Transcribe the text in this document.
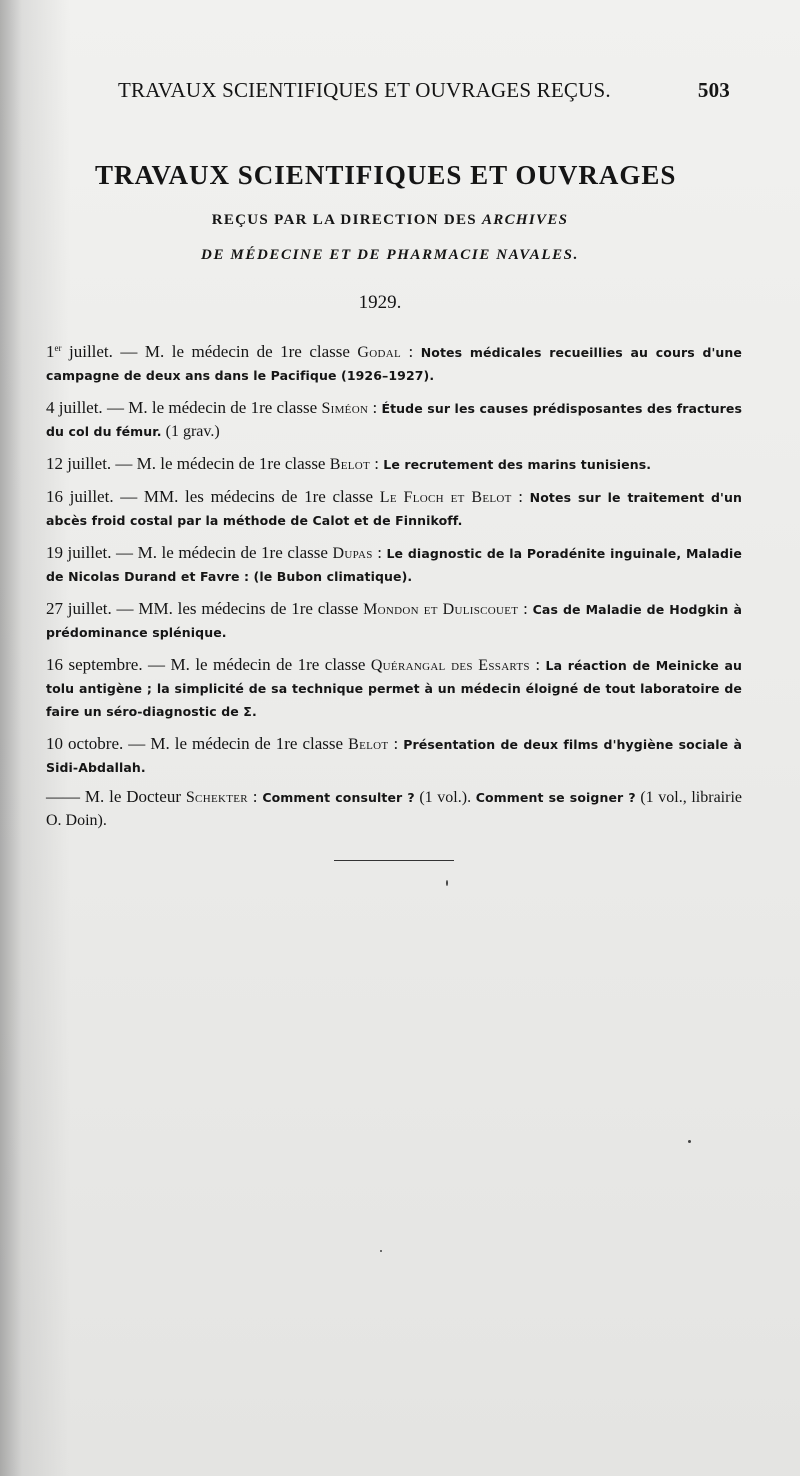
TRAVAUX SCIENTIFIQUES ET OUVRAGES REÇUS.	503
TRAVAUX SCIENTIFIQUES ET OUVRAGES
REÇUS PAR LA DIRECTION DES ARCHIVES
DE MÉDECINE ET DE PHARMACIE NAVALES.
1929.

1er juillet. — M. le médecin de 1re classe Godal : Notes médicales recueillies au cours d'une campagne de deux ans dans le Pacifique (1926–1927).

4 juillet. — M. le médecin de 1re classe Siméon : Étude sur les causes prédisposantes des fractures du col du fémur. (1 grav.)

12 juillet. — M. le médecin de 1re classe Belot : Le recrutement des marins tunisiens.

16 juillet. — MM. les médecins de 1re classe Le Floch et Belot : Notes sur le traitement d'un abcès froid costal par la méthode de Calot et de Finnikoff.

19 juillet. — M. le médecin de 1re classe Dupas : Le diagnostic de la Poradénite inguinale, Maladie de Nicolas Durand et Favre : (le Bubon climatique).

27 juillet. — MM. les médecins de 1re classe Mondon et Duliscouet : Cas de Maladie de Hodgkin à prédominance splénique.

16 septembre. — M. le médecin de 1re classe Quérangal des Essarts : La réaction de Meinicke au tolu antigène ; la simplicité de sa technique permet à un médecin éloigné de tout laboratoire de faire un séro-diagnostic de Σ.

10 octobre. — M. le médecin de 1re classe Belot : Présentation de deux films d'hygiène sociale à Sidi-Abdallah.

—— M. le Docteur Schekter : Comment consulter ? (1 vol.). Comment se soigner ? (1 vol., librairie O. Doin).
